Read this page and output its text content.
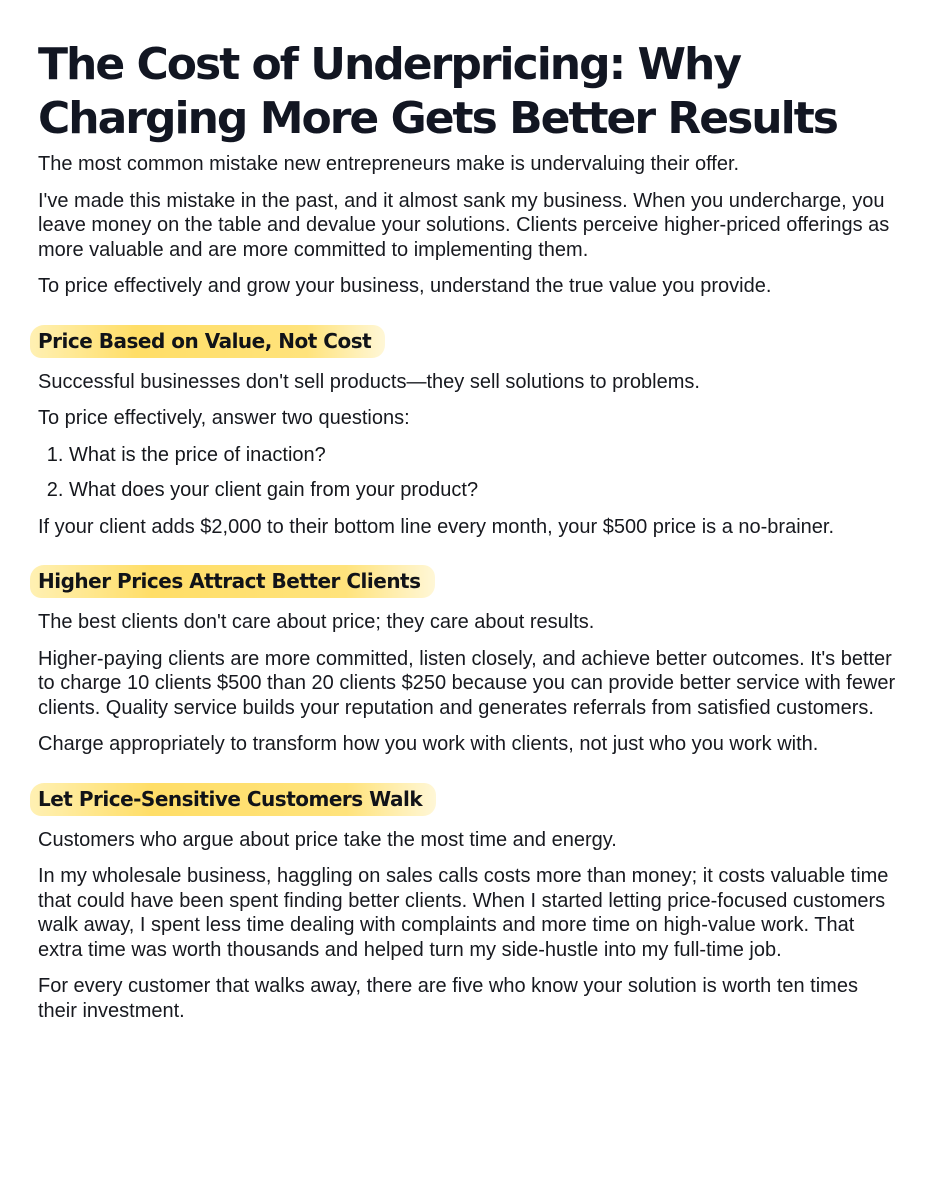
The Cost of Underpricing: Why Charging More Gets Better Results

The most common mistake new entrepreneurs make is undervaluing their offer.

I've made this mistake in the past, and it almost sank my business. When you undercharge, you leave money on the table and devalue your solutions. Clients perceive higher-priced offerings as more valuable and are more committed to implementing them.

To price effectively and grow your business, understand the true value you provide.

Price Based on Value, Not Cost

Successful businesses don't sell products—they sell solutions to problems.

To price effectively, answer two questions:

1. What is the price of inaction?
2. What does your client gain from your product?

If your client adds $2,000 to their bottom line every month, your $500 price is a no-brainer.

Higher Prices Attract Better Clients

The best clients don't care about price; they care about results.

Higher-paying clients are more committed, listen closely, and achieve better outcomes. It's better to charge 10 clients $500 than 20 clients $250 because you can provide better service with fewer clients. Quality service builds your reputation and generates referrals from satisfied customers.

Charge appropriately to transform how you work with clients, not just who you work with.

Let Price-Sensitive Customers Walk

Customers who argue about price take the most time and energy.

In my wholesale business, haggling on sales calls costs more than money; it costs valuable time that could have been spent finding better clients. When I started letting price-focused customers walk away, I spent less time dealing with complaints and more time on high-value work. That extra time was worth thousands and helped turn my side-hustle into my full-time job.

For every customer that walks away, there are five who know your solution is worth ten times their investment.
